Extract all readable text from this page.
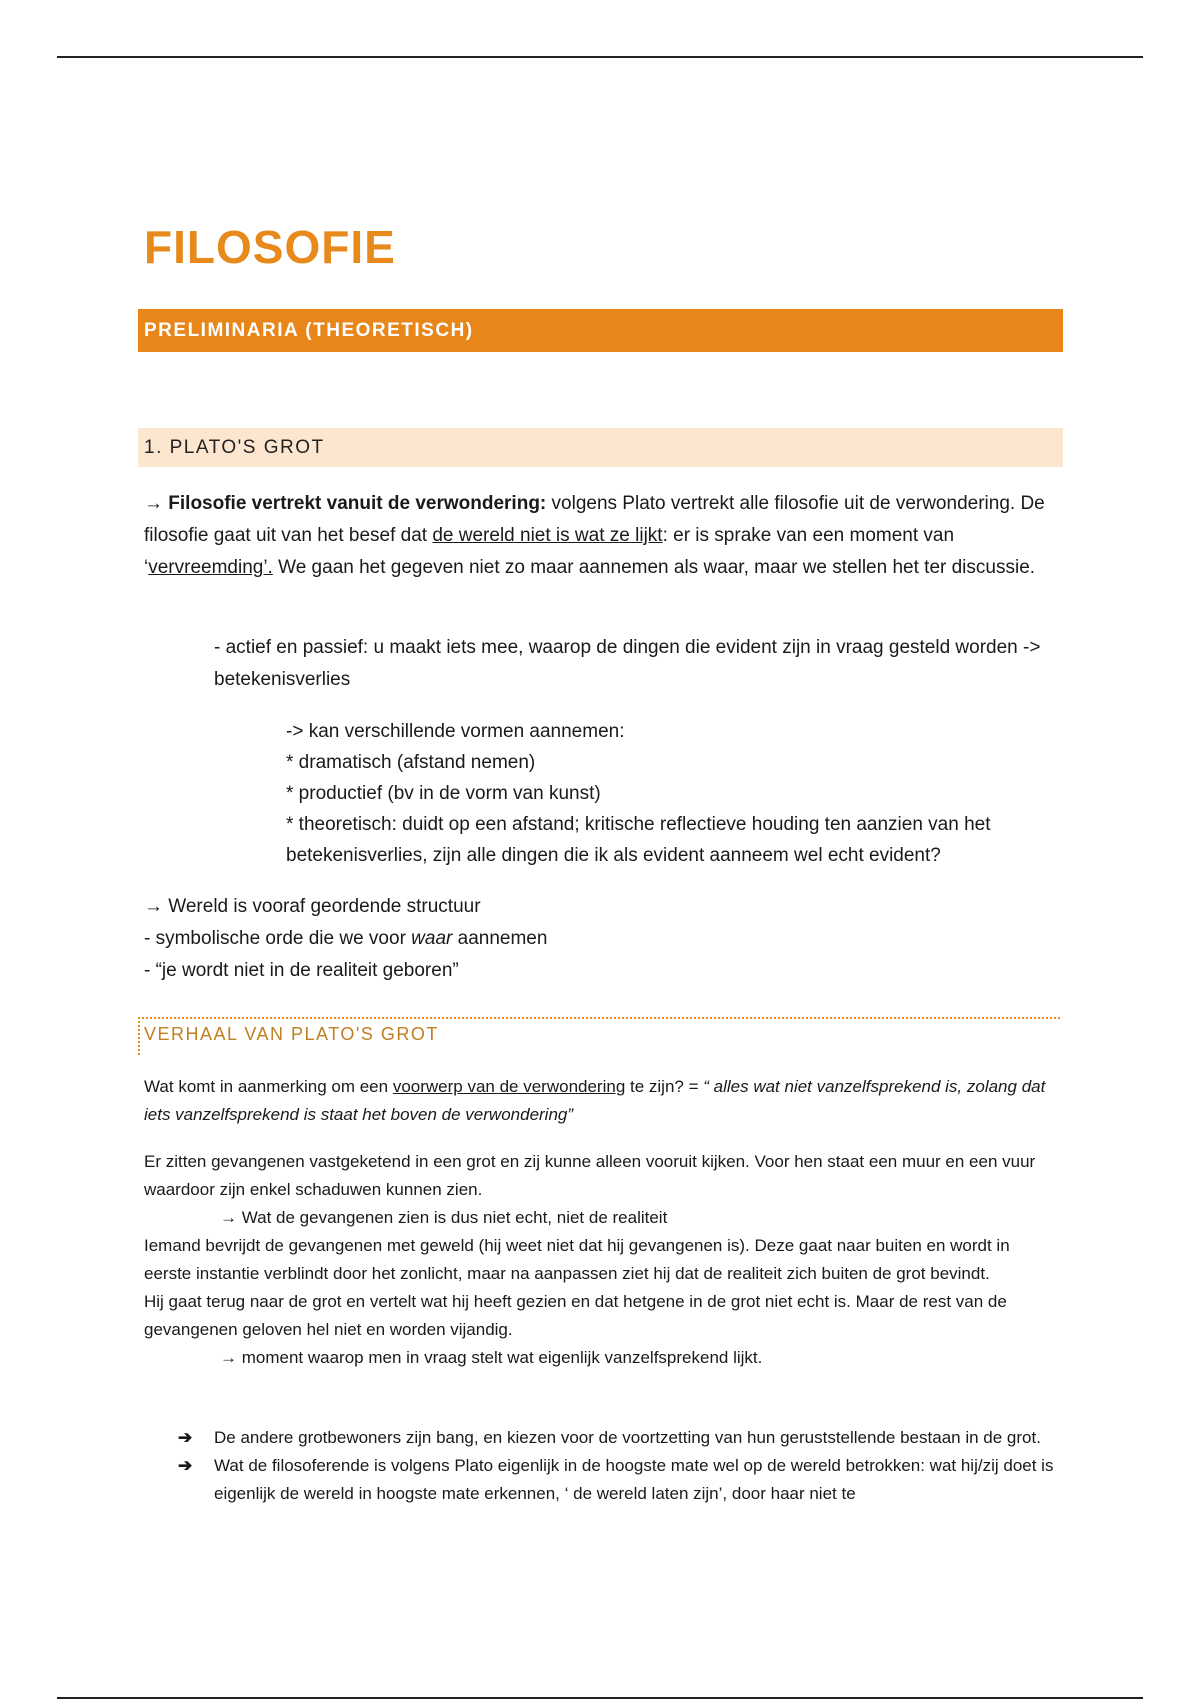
FILOSOFIE
PRELIMINARIA (THEORETISCH)
1. PLATO'S GROT
→ Filosofie vertrekt vanuit de verwondering: volgens Plato vertrekt alle filosofie uit de verwondering. De filosofie gaat uit van het besef dat de wereld niet is wat ze lijkt: er is sprake van een moment van ‘vervreemding’. We gaan het gegeven niet zo maar aannemen als waar, maar we stellen het ter discussie.
- actief en passief: u maakt iets mee, waarop de dingen die evident zijn in vraag gesteld worden -> betekenisverlies
-> kan verschillende vormen aannemen:
* dramatisch (afstand nemen)
* productief (bv in de vorm van kunst)
* theoretisch: duidt op een afstand; kritische reflectieve houding ten aanzien van het betekenisverlies, zijn alle dingen die ik als evident aanneem wel echt evident?
→ Wereld is vooraf geordende structuur
- symbolische orde die we voor waar aannemen
- “je wordt niet in de realiteit geboren”
VERHAAL VAN PLATO'S GROT
Wat komt in aanmerking om een voorwerp van de verwondering te zijn? = “ alles wat niet vanzelfsprekend is, zolang dat iets vanzelfsprekend is staat het boven de verwondering”
Er zitten gevangenen vastgeketend in een grot en zij kunne alleen vooruit kijken. Voor hen staat een muur en een vuur waardoor zijn enkel schaduwen kunnen zien.
→ Wat de gevangenen zien is dus niet echt, niet de realiteit
Iemand bevrijdt de gevangenen met geweld (hij weet niet dat hij gevangenen is). Deze gaat naar buiten en wordt in eerste instantie verblindt door het zonlicht, maar na aanpassen ziet hij dat de realiteit zich buiten de grot bevindt.
Hij gaat terug naar de grot en vertelt wat hij heeft gezien en dat hetgene in de grot niet echt is. Maar de rest van de gevangenen geloven hel niet en worden vijandig.
→ moment waarop men in vraag stelt wat eigenlijk vanzelfsprekend lijkt.
➔	De andere grotbewoners zijn bang, en kiezen voor de voortzetting van hun geruststellende bestaan in de grot.
➔	Wat de filosoferende is volgens Plato eigenlijk in de hoogste mate wel op de wereld betrokken: wat hij/zij doet is eigenlijk de wereld in hoogste mate erkennen, ‘ de wereld laten zijn’, door haar niet te
